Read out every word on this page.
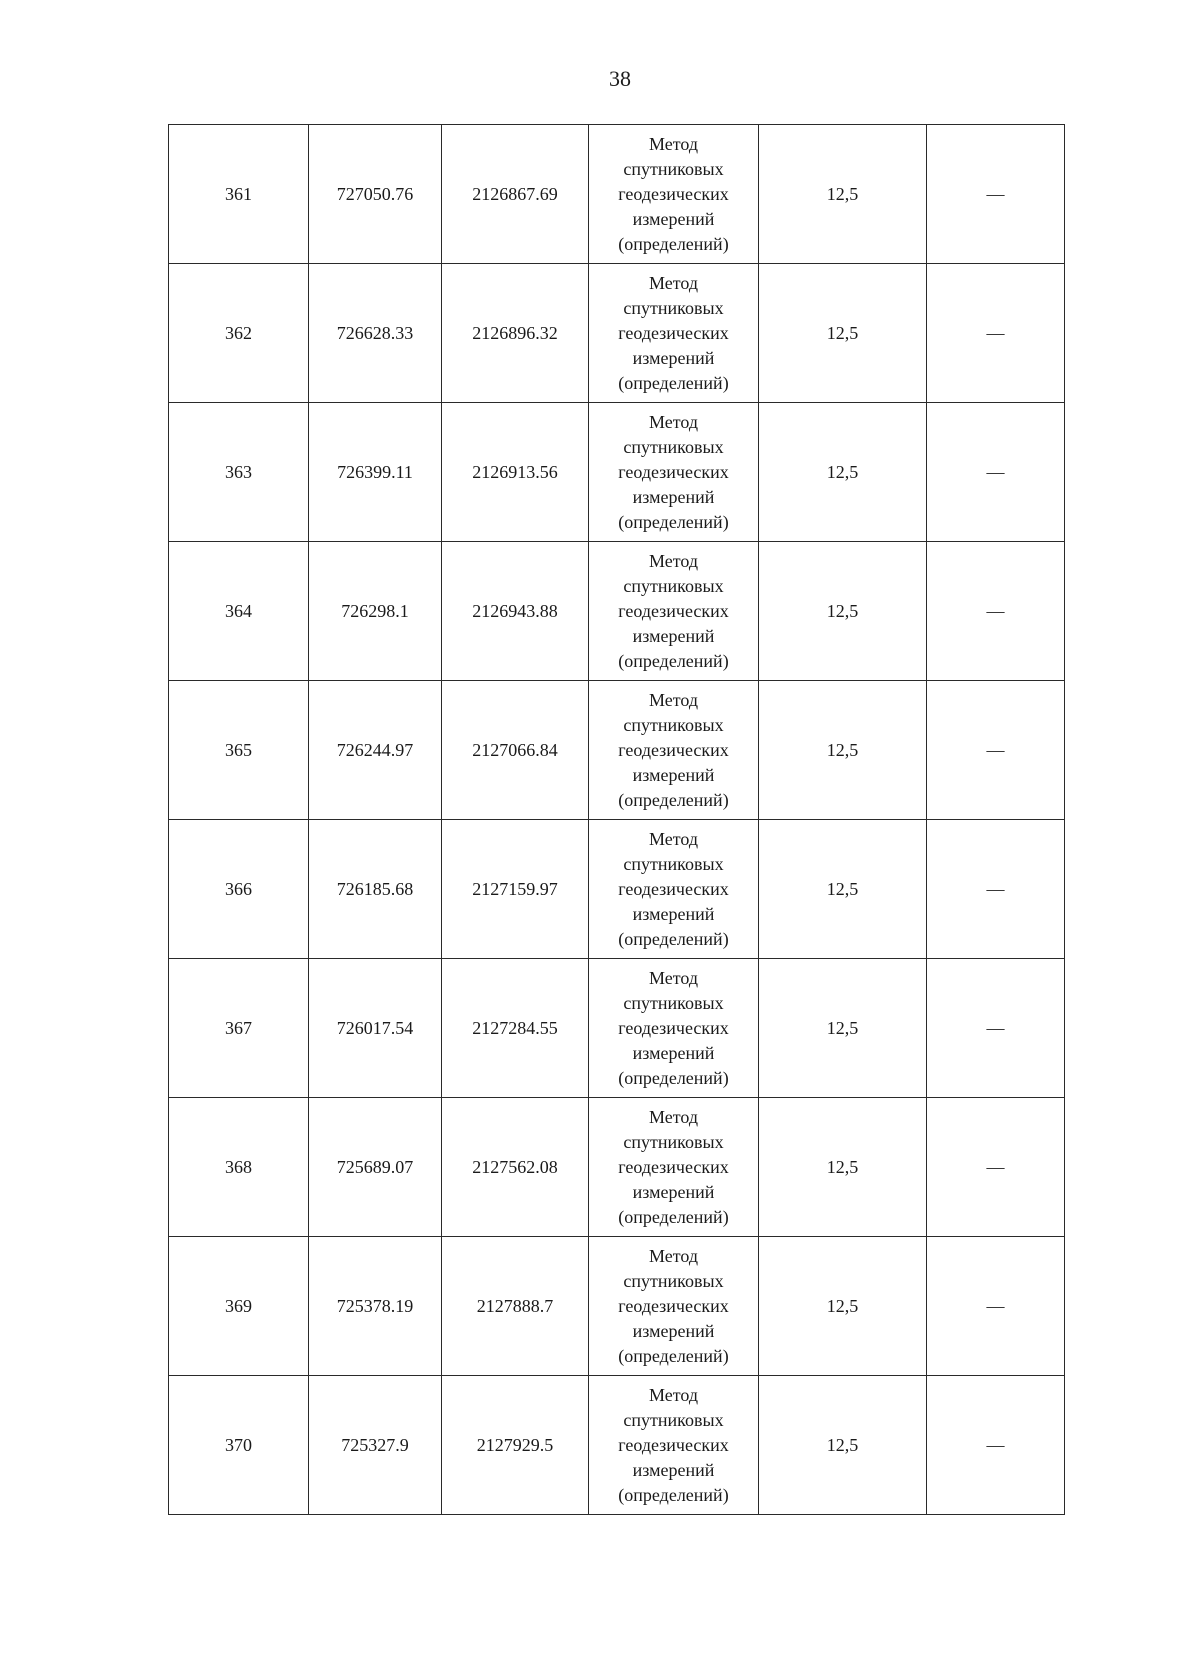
38
361	727050.76	2126867.69	Метод
спутниковых
геодезических
измерений
(определений)	12,5	—
362	726628.33	2126896.32	Метод
спутниковых
геодезических
измерений
(определений)	12,5	—
363	726399.11	2126913.56	Метод
спутниковых
геодезических
измерений
(определений)	12,5	—
364	726298.1	2126943.88	Метод
спутниковых
геодезических
измерений
(определений)	12,5	—
365	726244.97	2127066.84	Метод
спутниковых
геодезических
измерений
(определений)	12,5	—
366	726185.68	2127159.97	Метод
спутниковых
геодезических
измерений
(определений)	12,5	—
367	726017.54	2127284.55	Метод
спутниковых
геодезических
измерений
(определений)	12,5	—
368	725689.07	2127562.08	Метод
спутниковых
геодезических
измерений
(определений)	12,5	—
369	725378.19	2127888.7	Метод
спутниковых
геодезических
измерений
(определений)	12,5	—
370	725327.9	2127929.5	Метод
спутниковых
геодезических
измерений
(определений)	12,5	—
